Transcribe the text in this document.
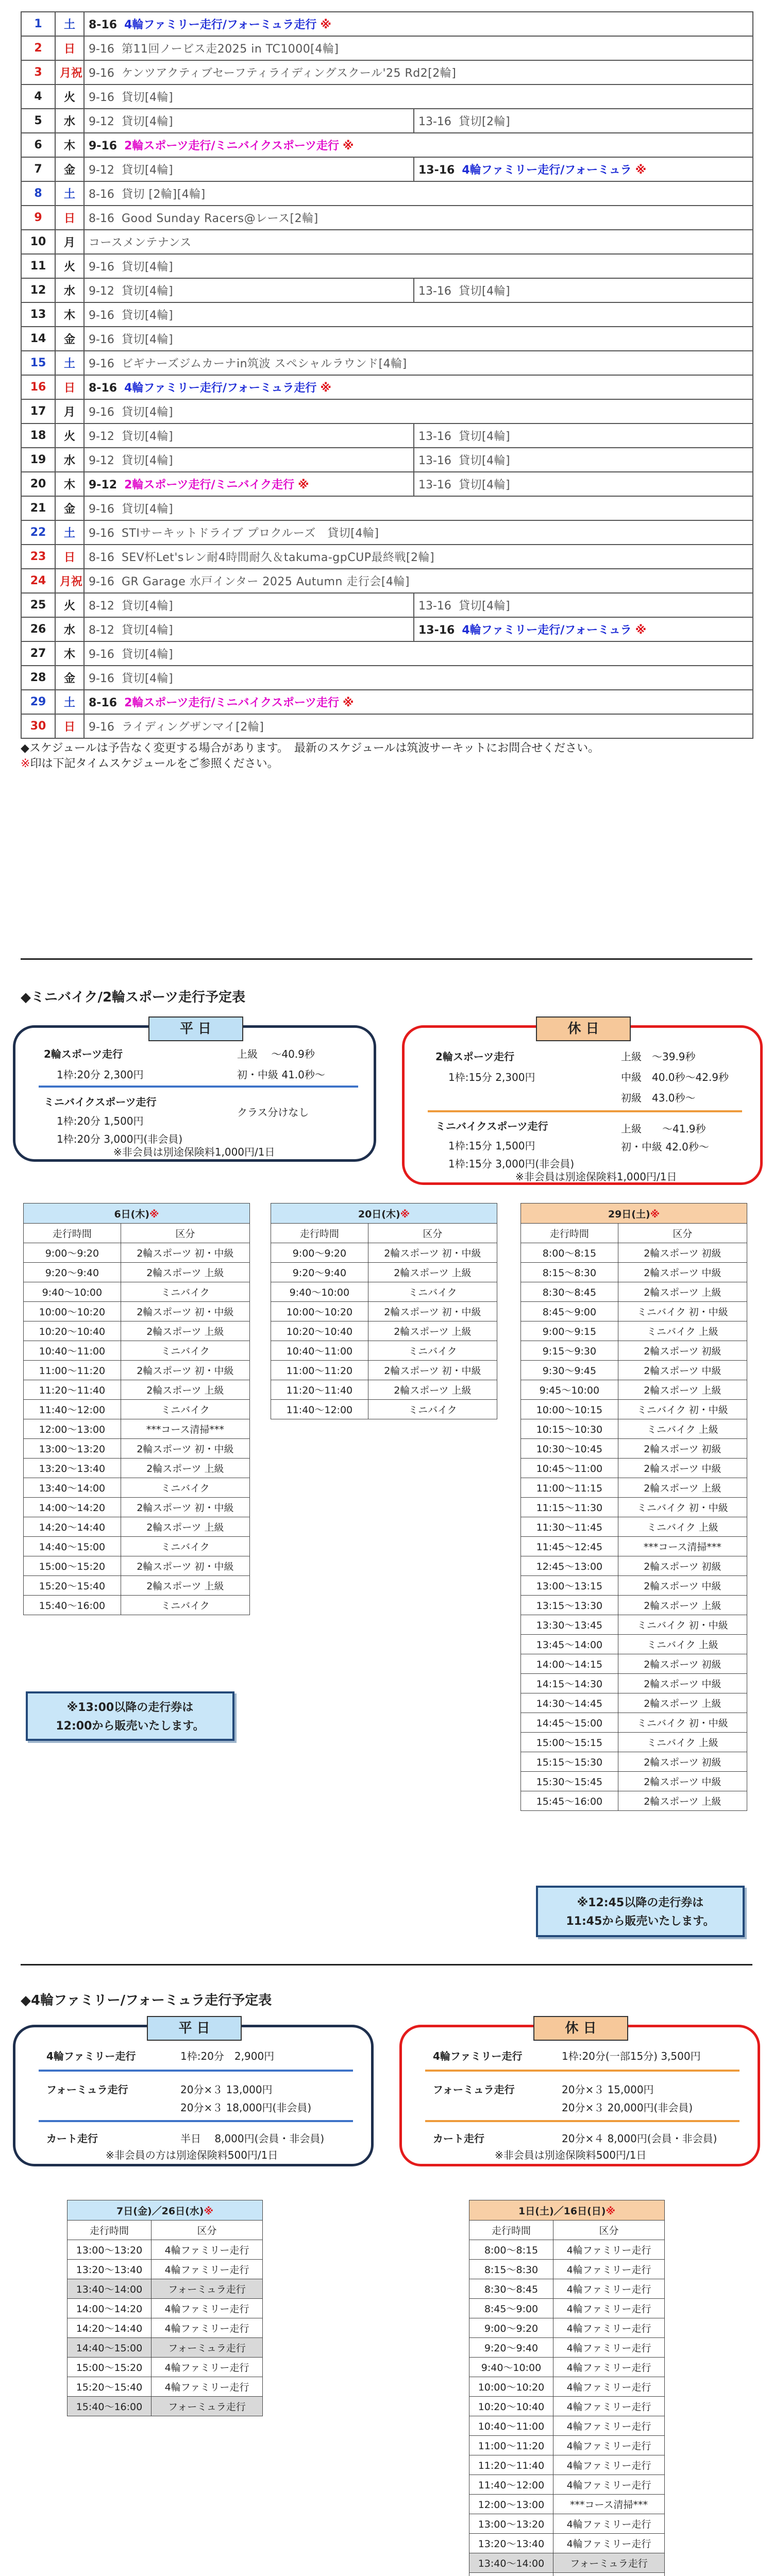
1	土	8-16 4輪ファミリー走行/フォーミュラ走行 ※	
2	日	9-16 第11回ノービス走2025 in TC1000[4輪]	
3	月祝	9-16 ケンツアクティブセーフティライディングスクール'25 Rd2[2輪]	
4	火	9-16 貸切[4輪]	
5	水	9-12 貸切[4輪]	13-16 貸切[2輪]
6	木	9-16 2輪スポーツ走行/ミニバイクスポーツ走行 ※	
7	金	9-12 貸切[4輪]	13-16 4輪ファミリー走行/フォーミュラ ※
8	土	8-16 貸切 [2輪][4輪]	
9	日	8-16 Good Sunday Racers@レース[2輪]	
10	月	コースメンテナンス	
11	火	9-16 貸切[4輪]	
12	水	9-12 貸切[4輪]	13-16 貸切[4輪]
13	木	9-16 貸切[4輪]	
14	金	9-16 貸切[4輪]	
15	土	9-16 ビギナーズジムカーナin筑波 スペシャルラウンド[4輪]	
16	日	8-16 4輪ファミリー走行/フォーミュラ走行 ※	
17	月	9-16 貸切[4輪]	
18	火	9-12 貸切[4輪]	13-16 貸切[4輪]
19	水	9-12 貸切[4輪]	13-16 貸切[4輪]
20	木	9-12 2輪スポーツ走行/ミニバイク走行 ※	13-16 貸切[4輪]
21	金	9-16 貸切[4輪]	
22	土	9-16 STIサーキットドライブ プロクルーズ　貸切[4輪]	
23	日	8-16 SEV杯Let'sレン耐4時間耐久＆takuma-gpCUP最終戦[2輪]	
24	月祝	9-16 GR Garage 水戸インター 2025 Autumn 走行会[4輪]	
25	火	8-12 貸切[4輪]	13-16 貸切[4輪]
26	水	8-12 貸切[4輪]	13-16 4輪ファミリー走行/フォーミュラ ※
27	木	9-16 貸切[4輪]	
28	金	9-16 貸切[4輪]	
29	土	8-16 2輪スポーツ走行/ミニバイクスポーツ走行 ※	
30	日	9-16 ライディングザンマイ[2輪]	
◆スケジュールは予告なく変更する場合があります。　最新のスケジュールは筑波サーキットにお問合せください。
※印は下記タイムスケジュールをご参照ください。
◆ミニバイク/2輪スポーツ走行予定表
平 日
2輪スポーツ走行
1枠:20分 2,300円
上級　 ～40.9秒
初・中級 41.0秒～
ミニバイクスポーツ走行
1枠:20分 1,500円
1枠:20分 3,000円(非会員)
クラス分けなし
※非会員は別途保険料1,000円/1日
休 日
2輪スポーツ走行
1枠:15分 2,300円
上級　～39.9秒
中級　40.0秒～42.9秒
初級　43.0秒～
ミニバイクスポーツ走行
1枠:15分 1,500円
1枠:15分 3,000円(非会員)
上級　　～41.9秒
初・中級 42.0秒～
※非会員は別途保険料1,000円/1日
6日(木)※	
走行時間	区分
9:00～9:20	2輪スポーツ 初・中級
9:20～9:40	2輪スポーツ 上級
9:40～10:00	ミニバイク
10:00～10:20	2輪スポーツ 初・中級
10:20～10:40	2輪スポーツ 上級
10:40～11:00	ミニバイク
11:00～11:20	2輪スポーツ 初・中級
11:20～11:40	2輪スポーツ 上級
11:40～12:00	ミニバイク
12:00～13:00	***コース清掃***
13:00～13:20	2輪スポーツ 初・中級
13:20～13:40	2輪スポーツ 上級
13:40～14:00	ミニバイク
14:00～14:20	2輪スポーツ 初・中級
14:20～14:40	2輪スポーツ 上級
14:40～15:00	ミニバイク
15:00～15:20	2輪スポーツ 初・中級
15:20～15:40	2輪スポーツ 上級
15:40～16:00	ミニバイク
20日(木)※	
走行時間	区分
9:00～9:20	2輪スポーツ 初・中級
9:20～9:40	2輪スポーツ 上級
9:40～10:00	ミニバイク
10:00～10:20	2輪スポーツ 初・中級
10:20～10:40	2輪スポーツ 上級
10:40～11:00	ミニバイク
11:00～11:20	2輪スポーツ 初・中級
11:20～11:40	2輪スポーツ 上級
11:40～12:00	ミニバイク
29日(土)※	
走行時間	区分
8:00～8:15	2輪スポーツ 初級
8:15～8:30	2輪スポーツ 中級
8:30～8:45	2輪スポーツ 上級
8:45～9:00	ミニバイク 初・中級
9:00～9:15	ミニバイク 上級
9:15～9:30	2輪スポーツ 初級
9:30～9:45	2輪スポーツ 中級
9:45～10:00	2輪スポーツ 上級
10:00～10:15	ミニバイク 初・中級
10:15～10:30	ミニバイク 上級
10:30～10:45	2輪スポーツ 初級
10:45～11:00	2輪スポーツ 中級
11:00～11:15	2輪スポーツ 上級
11:15～11:30	ミニバイク 初・中級
11:30～11:45	ミニバイク 上級
11:45～12:45	***コース清掃***
12:45～13:00	2輪スポーツ 初級
13:00～13:15	2輪スポーツ 中級
13:15～13:30	2輪スポーツ 上級
13:30～13:45	ミニバイク 初・中級
13:45～14:00	ミニバイク 上級
14:00～14:15	2輪スポーツ 初級
14:15～14:30	2輪スポーツ 中級
14:30～14:45	2輪スポーツ 上級
14:45～15:00	ミニバイク 初・中級
15:00～15:15	ミニバイク 上級
15:15～15:30	2輪スポーツ 初級
15:30～15:45	2輪スポーツ 中級
15:45～16:00	2輪スポーツ 上級
※13:00以降の走行券は
12:00から販売いたします。
※12:45以降の走行券は
11:45から販売いたします。
◆4輪ファミリー/フォーミュラ走行予定表
平 日
4輪ファミリー走行	1枠:20分　2,900円
フォーミュラ走行	20分×３ 13,000円
20分×３ 18,000円(非会員)
カート走行	半日　 8,000円(会員・非会員)
※非会員の方は別途保険料500円/1日
休 日
4輪ファミリー走行	1枠:20分(一部15分) 3,500円
フォーミュラ走行	20分×３ 15,000円
20分×３ 20,000円(非会員)
カート走行	20分×４ 8,000円(会員・非会員)
※非会員は別途保険料500円/1日
7日(金)／26日(水)※	
走行時間	区分
13:00～13:20	4輪ファミリー走行
13:20～13:40	4輪ファミリー走行
13:40～14:00	フォーミュラ走行
14:00～14:20	4輪ファミリー走行
14:20～14:40	4輪ファミリー走行
14:40～15:00	フォーミュラ走行
15:00～15:20	4輪ファミリー走行
15:20～15:40	4輪ファミリー走行
15:40～16:00	フォーミュラ走行
1日(土)／16日(日)※	
走行時間	区分
8:00～8:15	4輪ファミリー走行
8:15～8:30	4輪ファミリー走行
8:30～8:45	4輪ファミリー走行
8:45～9:00	4輪ファミリー走行
9:00～9:20	4輪ファミリー走行
9:20～9:40	4輪ファミリー走行
9:40～10:00	4輪ファミリー走行
10:00～10:20	4輪ファミリー走行
10:20～10:40	4輪ファミリー走行
10:40～11:00	4輪ファミリー走行
11:00～11:20	4輪ファミリー走行
11:20～11:40	4輪ファミリー走行
11:40～12:00	4輪ファミリー走行
12:00～13:00	***コース清掃***
13:00～13:20	4輪ファミリー走行
13:20～13:40	4輪ファミリー走行
13:40～14:00	フォーミュラ走行
